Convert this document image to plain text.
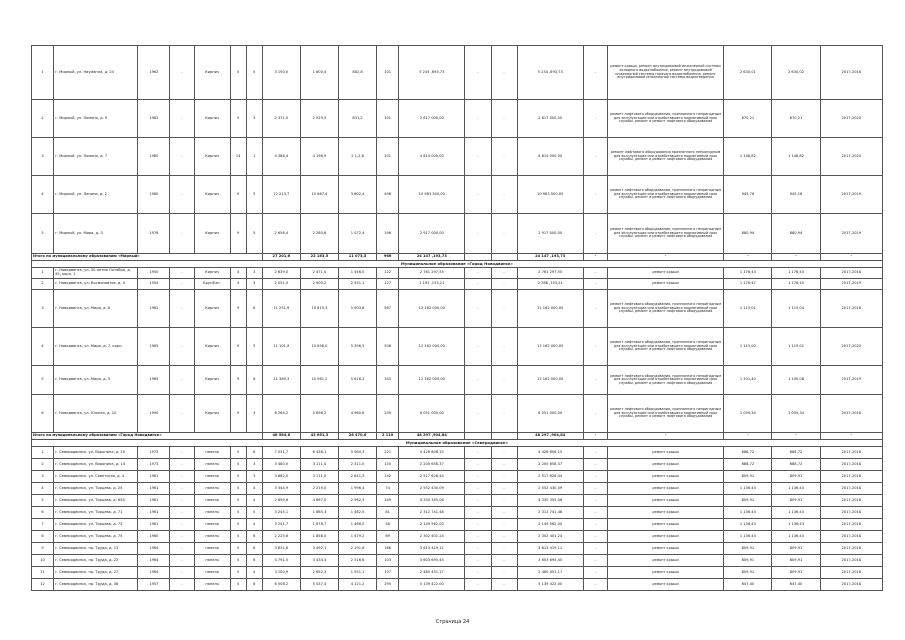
1	г. Мирный, ул. Науманна, д. 24	1962	-	Кирпич	5	5	3 190,0	1 600,4	882,8	101	5 234 ,693,73	-	-	5 234 ,693,73	-	ремонт крыши, ремонт внутридомовой инженерной системы холодного водоснабжения, ремонт внутридомовой инженерной системы горячего водоснабжения, ремонт внутридомовой инженерной системы водоотведения	2 630,01	2 630,02	2017-2018
2	г. Мирный, ул. Ломоно, д. 9	1962	-	Кирпич	5	3	2 371,0	2 029,5	831,2	101	2 617 000,00	-	-	2 617 000,00	-	ремонт лифтового оборудования, признанного непригодным для эксплуатации или отработавшего нормативный срок службы, ремонт и ремонт лифтового оборудования	670,21	670,21	2017-2020
3	г. Мирный, ул. Ломоно, д. 7	1980	-	Кирпич	14	1	4 386,4	4 198,9	2 1,2,8	201	4 814 000,00	-	-	4 814 000,00	-	ремонт лифтового оборудования признанного непригодным для эксплуатации или отработавшего нормативный срок службы, ремонт и ремонт лифтового оборудования	1 148,82	1 148,82	2017-2020
4	г. Мирный, ул. Ленина, д. 2	1980	-	Кирпич	9	5	12 213,7	10 667,4	3 602,4	498	10 983 500,00	-	-	10 983 500,00	-	ремонт лифтового оборудования, признанного непригодным для эксплуатации или отработавшего нормативный срок службы, ремонт и ремонт лифтового оборудования	945,76	945,16	2017-2019
5	г. Мирный, ул. Мира, д. 3	1976	-	Кирпич	9	5	2 656,4	2 280,6	1 072,4	196	2 917 000,00	-	-	2 917 000,00	-	ремонт лифтового оборудования, признанного непригодным для эксплуатации или отработавшего нормативный срок службы, ремонт и ремонт лифтового оборудования	880,94	880,94	2017-2019
Итого по муниципальному образованию «Мирный»							27 201,6	22 163,5	11 073,5	966	24 147 ,193,73			24 147 ,193,73	-	-	-	-	-
Муниципальное образование «Город Новодвинск»																			
1	г. Новодвинск, ул. 50-летия Октября, д. 45, корп. 1	1950	-	Кирпич	4	3	2 639,0	2 471,0	1 546,0	122	2 761 297,55	-	-	2 761 297,55	-	ремонт крыши	1 176,43	1 176,43	2017-2018
2	г. Новодвинск, ул. Космонавтов, д. 4	1954	-	Брус/Бет.	4	3	2 051,0	2 900,2	2 551,1	127	1 191 ,153,21	-	-	2 788 ,153,21	-	ремонт крыши	1 176,47	1 176,45	2017-2019
3	г. Новодвинск, ул. Мира, д. 8	1962	-	Кирпич	9	6	11 251,9	10 615,3	5 903,6	567	12 162 000,00	-	-	12 162 000,00	-	ремонт лифтового оборудования, признанного непригодным для эксплуатации или отработавшего нормативный срок службы, ремонт и ремонт лифтового оборудования	1 115,01	1 115,04	2017-2018
4	г. Новодвинск, ул. Мира, д. 7, корп.	1965	-	Кирпич	9	5	11 101,9	10 658,0	5 396,5	506	12 162 000,00	-	-	12 162 000,00	-	ремонт лифтового оборудования, признанного непригодным для эксплуатации или отработавшего нормативный срок службы, ремонт и ремонт лифтового оборудования	1 115,00	1 115,01	2017-2020
5	г. Новодвинск, ул. Мира, д. 5	1965	-	Кирпич	9	6	11 389,3	10 981,2	5 616,2	343	12 162 000,00	-	-	12 162 000,00	-	ремонт лифтового оборудования, признанного непригодным для эксплуатации или отработавшего нормативный срок службы, ремонт и ремонт лифтового оборудования	1 101,40	1 100,08	2017-2019
6	г. Новодвинск, ул. Южная, д. 10	1990	-	Кирпич	9	3	6 264,2	5 696,2	4 960,6	239	6 051 000,00	-	-	6 051 000,00	-	ремонт лифтового оборудования, признанного непригодным для эксплуатации или отработавшего нормативный срок службы, ремонт и ремонт лифтового оборудования	1 059,34	1 059,34	2017-2018
Итого по муниципальному образованию «Город Новодвинск»							48 584,6	43 651,3	26 470,6	2 110	48 297 ,904,84			48 297 ,904,84	-	-	-	-	-
Муниципальное образование «Северодвинск»																			
1	г. Северодвинск, ул. Воронина, д. 10	1972	-	панель	5	6	7 031,7	6 436,1	5 060,3	221	4 428 806,15	-	-	4 428 806,15	-	ремонт крыши	688,72	688,72	2017-2018
2	г. Северодвинск, ул. Воронина, д. 14	1973	-	панель	5	3	3 480,0	3 111,0	2 311,0	150	2 200 658,37	-	-	2 200 658,37	-	ремонт крыши	688,72	688,72	2017-2018
3	г. Северодвинск, ул. Советская, д. 4	1961	-	панель	5	3	3 682,0	3 111,0	2 811,3	142	2 517 628,44	-	-	2 517 628,44	-	ремонт крыши	809,91	809,91	2017-2018
4	г. Северодвинск, ул. Торцева, д. 25	1961	-	панель	5	4	3 344,9	2 219,0	1 996,4	74	2 552 430,09	-	-	2 552 430,09	-	ремонт крыши	1 136,43	1 136,43	2017-2018
5	г. Северодвинск, ул. Торцева, д. 65Б	1961	-	панель	5	4	2 699,6	4 667,0	2 962,5	149	4 330 355,06	-	-	4 330 355,06	-	ремонт крыши	809,91	809,91	2017-2018
6	г. Северодвинск, ул. Торцева, д. 71	1961	-	панель	5	5	3 245,1	1 685,3	1 462,5	81	2 312 741,48	-	-	2 312 741,48	-	ремонт крыши	1 136,43	1 136,43	2017-2018
7	г. Северодвинск, ул. Торцева, д. 73	1961	-	панель	5	4	3 241,7	1 678,7	1 466,0	58	2 149 562,00	-	-	2 149 562,00	-	ремонт крыши	1 136,43	1 136,43	2017-2018
8	г. Северодвинск, ул. Торцева, д. 75	1960	-	панель	5	6	2 225,6	1 858,0	1 479,2	69	2 302 401,24	-	-	2 302 401,24	-	ремонт крыши	1 136,43	1 136,43	2017-2018
9	г. Северодвинск, пр. Труда, д. 13	1964	-	панель	5	6	3 831,6	3 492,1	2 191,6	166	3 613 419,11	-	-	3 613 419,11	-	ремонт крыши	809,91	809,91	2017-2018
10	г. Северодвинск, пр. Труда, д. 22	1964	-	панель	5	6	3 791,5	3 434,3	2 516,6	103	3 603 695,45	-	-	3 603 695,45	-	ремонт крыши	809,91	809,91	2017-2018
11	г. Северодвинск, пр. Труда, д. 27	1964	-	панель	5	4	3 100,9	2 652,3	1 551,1	107	2 480 451,17	-	-	2 480 451,17	-	ремонт крыши	809,91	809,91	2017-2018
12	г. Северодвинск, пр. Труда, д. 36	1957	-	панель	5	8	6 008,2	5 537,4	4 121,2	295	5 139 422,00	-	-	5 139 422,00	-	ремонт крыши	647,40	647,40	2017-2018
Страница 24
